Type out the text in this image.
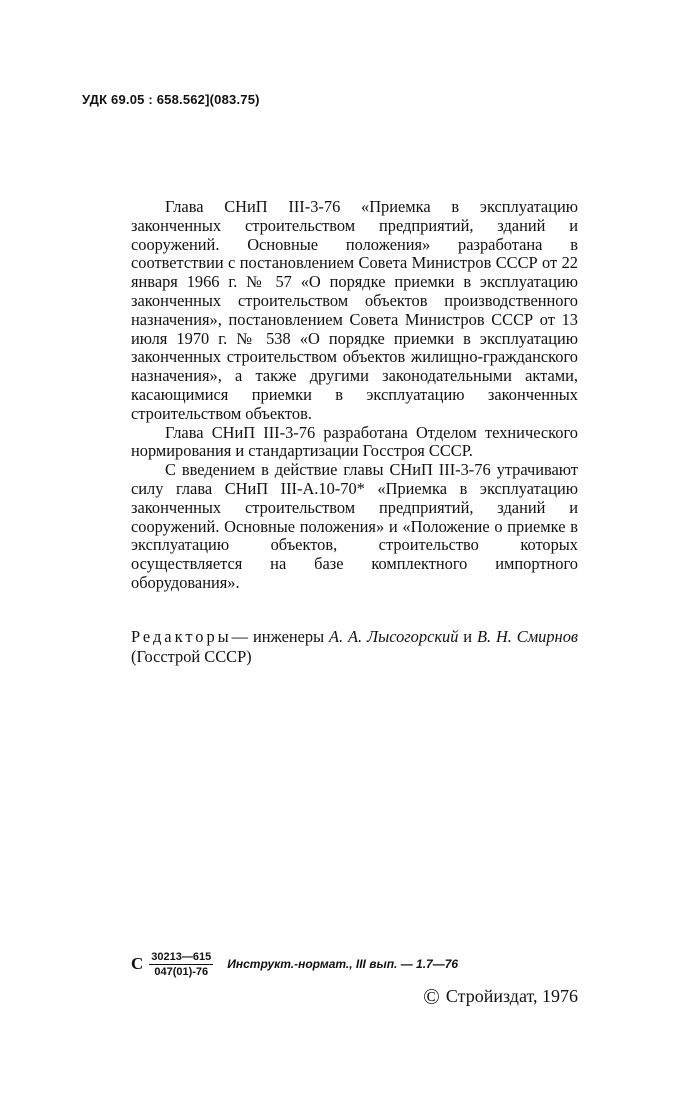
УДК 69.05 : 658.562](083.75)

Глава СНиП III-3-76 «Приемка в эксплуатацию законченных строительством предприятий, зданий и сооружений. Основные положения» разработана в соответствии с постановлением Совета Министров СССР от 22 января 1966 г. № 57 «О порядке приемки в эксплуатацию законченных строительством объектов производственного назначения», постановлением Совета Министров СССР от 13 июля 1970 г. № 538 «О порядке приемки в эксплуатацию законченных строительством объектов жилищно-гражданского назначения», а также другими законодательными актами, касающимися приемки в эксплуатацию законченных строительством объектов.

Глава СНиП III-3-76 разработана Отделом технического нормирования и стандартизации Госстроя СССР.

С введением в действие главы СНиП III-3-76 утрачивают силу глава СНиП III-А.10-70* «Приемка в эксплуатацию законченных строительством предприятий, зданий и сооружений. Основные положения» и «Положение о приемке в эксплуатацию объектов, строительство которых осуществляется на базе комплектного импортного оборудования».

Редакторы— инженеры А. А. Лысогорский и В. Н. Смирнов (Госстрой СССР)
С $\frac{30213—615}{047(01)-76}$ Инструкт.-нормат., III вып. — 1.7—76
© Стройиздат, 1976
